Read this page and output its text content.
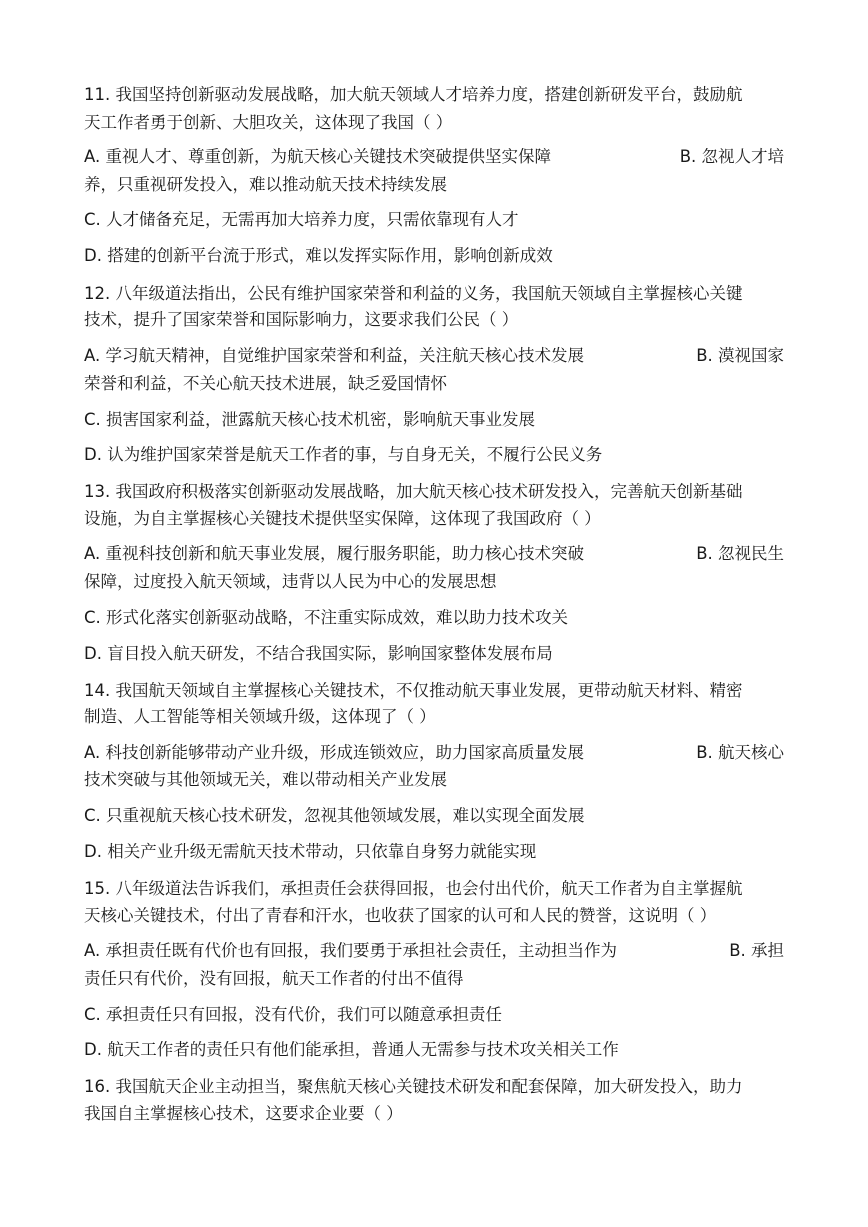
11. 我国坚持创新驱动发展战略，加大航天领域人才培养力度，搭建创新研发平台，鼓励航
天工作者勇于创新、大胆攻关，这体现了我国（ ）
A. 重视人才、尊重创新，为航天核心关键技术突破提供坚实保障	B. 忽视人才培
养，只重视研发投入，难以推动航天技术持续发展
C. 人才储备充足，无需再加大培养力度，只需依靠现有人才
D. 搭建的创新平台流于形式，难以发挥实际作用，影响创新成效
12. 八年级道法指出，公民有维护国家荣誉和利益的义务，我国航天领域自主掌握核心关键
技术，提升了国家荣誉和国际影响力，这要求我们公民（ ）
A. 学习航天精神，自觉维护国家荣誉和利益，关注航天核心技术发展	B. 漠视国家
荣誉和利益，不关心航天技术进展，缺乏爱国情怀
C. 损害国家利益，泄露航天核心技术机密，影响航天事业发展
D. 认为维护国家荣誉是航天工作者的事，与自身无关，不履行公民义务
13. 我国政府积极落实创新驱动发展战略，加大航天核心技术研发投入，完善航天创新基础
设施，为自主掌握核心关键技术提供坚实保障，这体现了我国政府（ ）
A. 重视科技创新和航天事业发展，履行服务职能，助力核心技术突破	B. 忽视民生
保障，过度投入航天领域，违背以人民为中心的发展思想
C. 形式化落实创新驱动战略，不注重实际成效，难以助力技术攻关
D. 盲目投入航天研发，不结合我国实际，影响国家整体发展布局
14. 我国航天领域自主掌握核心关键技术，不仅推动航天事业发展，更带动航天材料、精密
制造、人工智能等相关领域升级，这体现了（ ）
A. 科技创新能够带动产业升级，形成连锁效应，助力国家高质量发展	B. 航天核心
技术突破与其他领域无关，难以带动相关产业发展
C. 只重视航天核心技术研发，忽视其他领域发展，难以实现全面发展
D. 相关产业升级无需航天技术带动，只依靠自身努力就能实现
15. 八年级道法告诉我们，承担责任会获得回报，也会付出代价，航天工作者为自主掌握航
天核心关键技术，付出了青春和汗水，也收获了国家的认可和人民的赞誉，这说明（ ）
A. 承担责任既有代价也有回报，我们要勇于承担社会责任，主动担当作为	B. 承担
责任只有代价，没有回报，航天工作者的付出不值得
C. 承担责任只有回报，没有代价，我们可以随意承担责任
D. 航天工作者的责任只有他们能承担，普通人无需参与技术攻关相关工作
16. 我国航天企业主动担当，聚焦航天核心关键技术研发和配套保障，加大研发投入，助力
我国自主掌握核心技术，这要求企业要（ ）
